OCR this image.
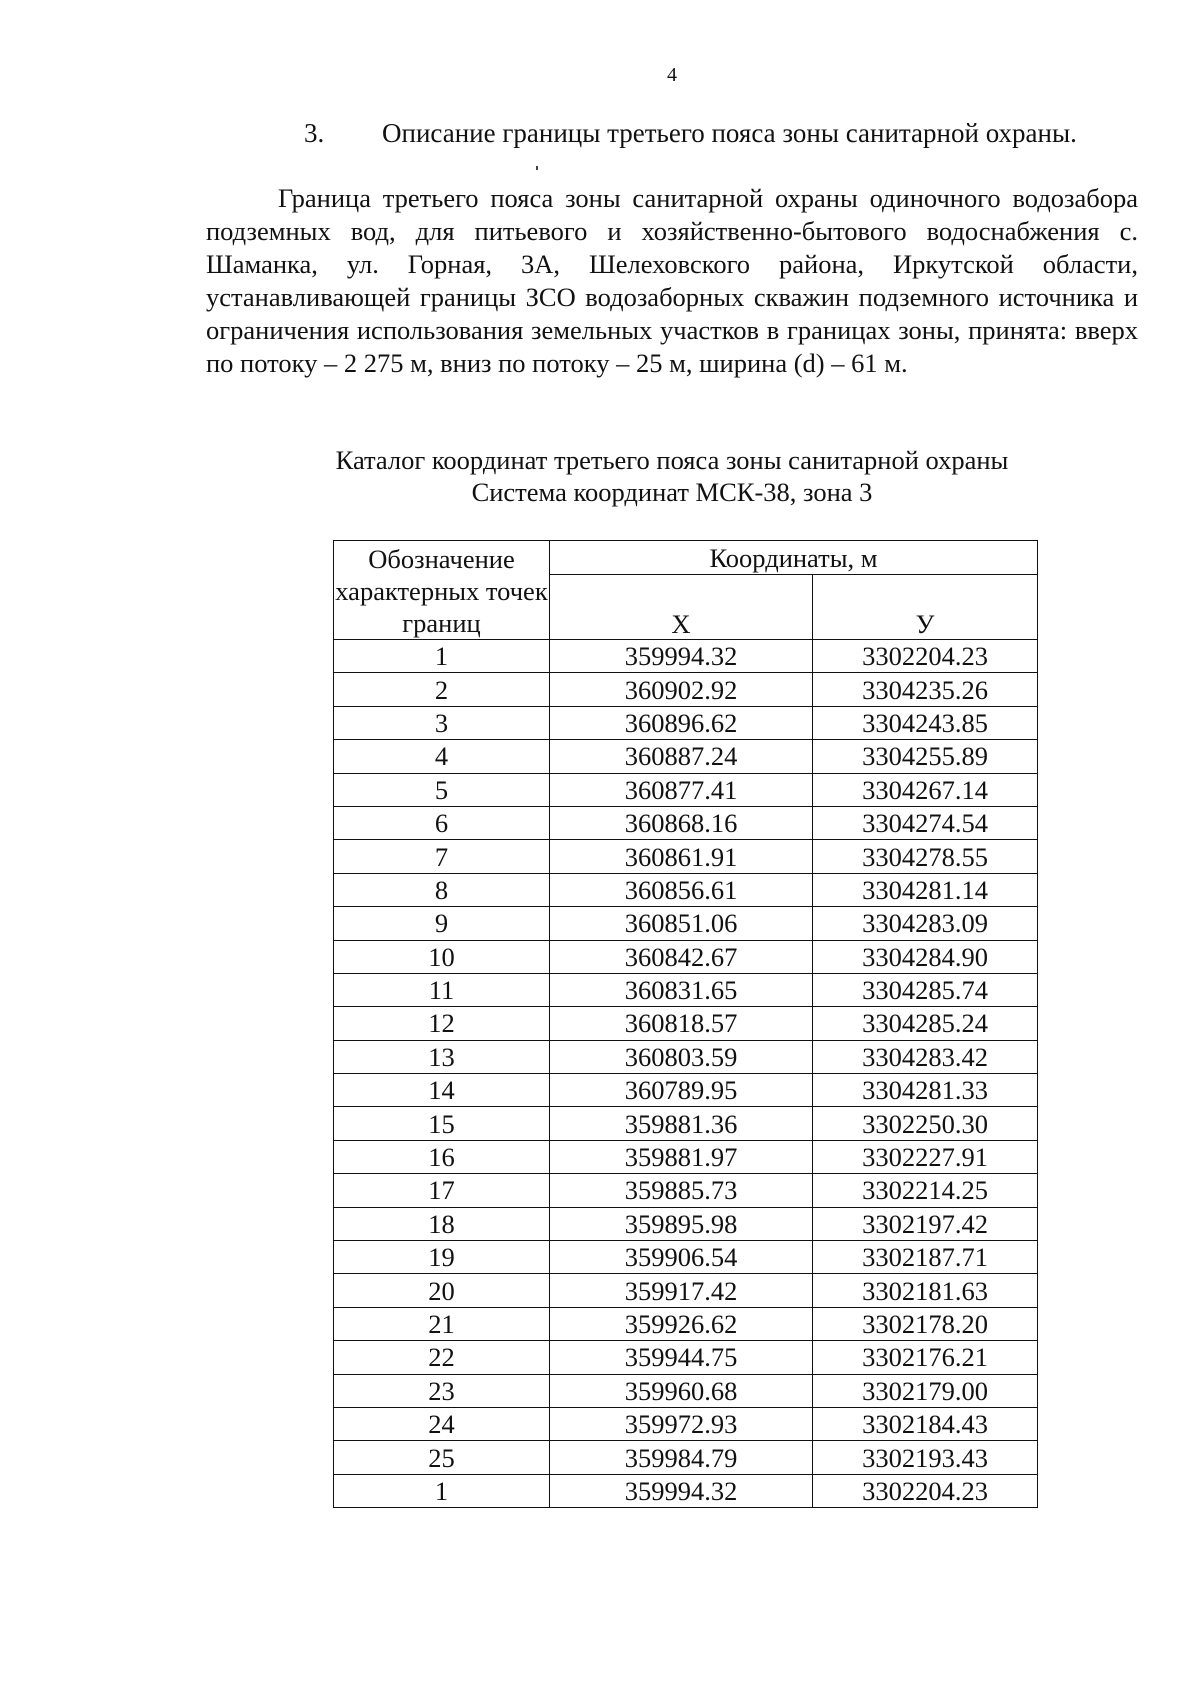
4
3. Описание границы третьего пояса зоны санитарной охраны.

Граница третьего пояса зоны санитарной охраны одиночного водозабора подземных вод, для питьевого и хозяйственно-бытового водоснабжения с. Шаманка, ул. Горная, 3А, Шелеховского района, Иркутской области, устанавливающей границы ЗСО водозаборных скважин подземного источника и ограничения использования земельных участков в границах зоны, принята: вверх по потоку – 2 275 м, вниз по потоку – 25 м, ширина (d) – 61 м.

Каталог координат третьего пояса зоны санитарной охраны
Система координат МСК-38, зона 3
Обозначение характерных точек границ	Координаты, м	
	X	У
1	359994.32	3302204.23
2	360902.92	3304235.26
3	360896.62	3304243.85
4	360887.24	3304255.89
5	360877.41	3304267.14
6	360868.16	3304274.54
7	360861.91	3304278.55
8	360856.61	3304281.14
9	360851.06	3304283.09
10	360842.67	3304284.90
11	360831.65	3304285.74
12	360818.57	3304285.24
13	360803.59	3304283.42
14	360789.95	3304281.33
15	359881.36	3302250.30
16	359881.97	3302227.91
17	359885.73	3302214.25
18	359895.98	3302197.42
19	359906.54	3302187.71
20	359917.42	3302181.63
21	359926.62	3302178.20
22	359944.75	3302176.21
23	359960.68	3302179.00
24	359972.93	3302184.43
25	359984.79	3302193.43
1	359994.32	3302204.23
